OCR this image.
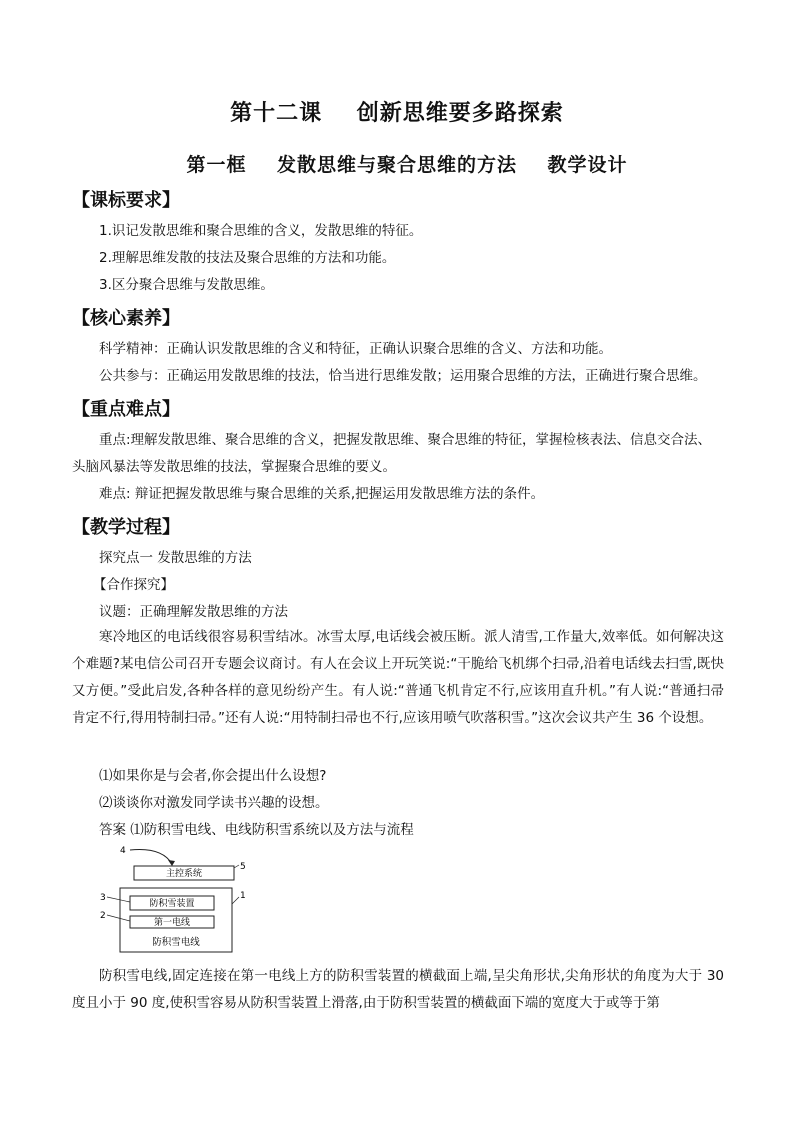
第十二课    创新思维要多路探索
第一框    发散思维与聚合思维的方法    教学设计
【课标要求】
1.识记发散思维和聚合思维的含义，发散思维的特征。
2.理解思维发散的技法及聚合思维的方法和功能。
3.区分聚合思维与发散思维。
【核心素养】
科学精神：正确认识发散思维的含义和特征，正确认识聚合思维的含义、方法和功能。
公共参与：正确运用发散思维的技法，恰当进行思维发散；运用聚合思维的方法，正确进行聚合思维。
【重点难点】
重点:理解发散思维、聚合思维的含义，把握发散思维、聚合思维的特征，掌握检核表法、信息交合法、
头脑风暴法等发散思维的技法，掌握聚合思维的要义。
难点: 辩证把握发散思维与聚合思维的关系,把握运用发散思维方法的条件。
【教学过程】
探究点一 发散思维的方法
【合作探究】
议题：正确理解发散思维的方法
寒冷地区的电话线很容易积雪结冰。冰雪太厚,电话线会被压断。派人清雪,工作量大,效率低。如何解决这个难题?某电信公司召开专题会议商讨。有人在会议上开玩笑说:“干脆给飞机绑个扫帚,沿着电话线去扫雪,既快又方便。”受此启发,各种各样的意见纷纷产生。有人说:“普通飞机肯定不行,应该用直升机。”有人说:“普通扫帚肯定不行,得用特制扫帚。”还有人说:“用特制扫帚也不行,应该用喷气吹落积雪。”这次会议共产生 36 个设想。
⑴如果你是与会者,你会提出什么设想?
⑵谈谈你对激发同学读书兴趣的设想。
答案 ⑴防积雪电线、电线防积雪系统以及方法与流程
4
主控系统
5
1
防积雪装置
3
第一电线
2
防积雪电线
防积雪电线,固定连接在第一电线上方的防积雪装置的横截面上端,呈尖角形状,尖角形状的角度为大于 30 度且小于 90 度,使积雪容易从防积雪装置上滑落,由于防积雪装置的横截面下端的宽度大于或等于第
